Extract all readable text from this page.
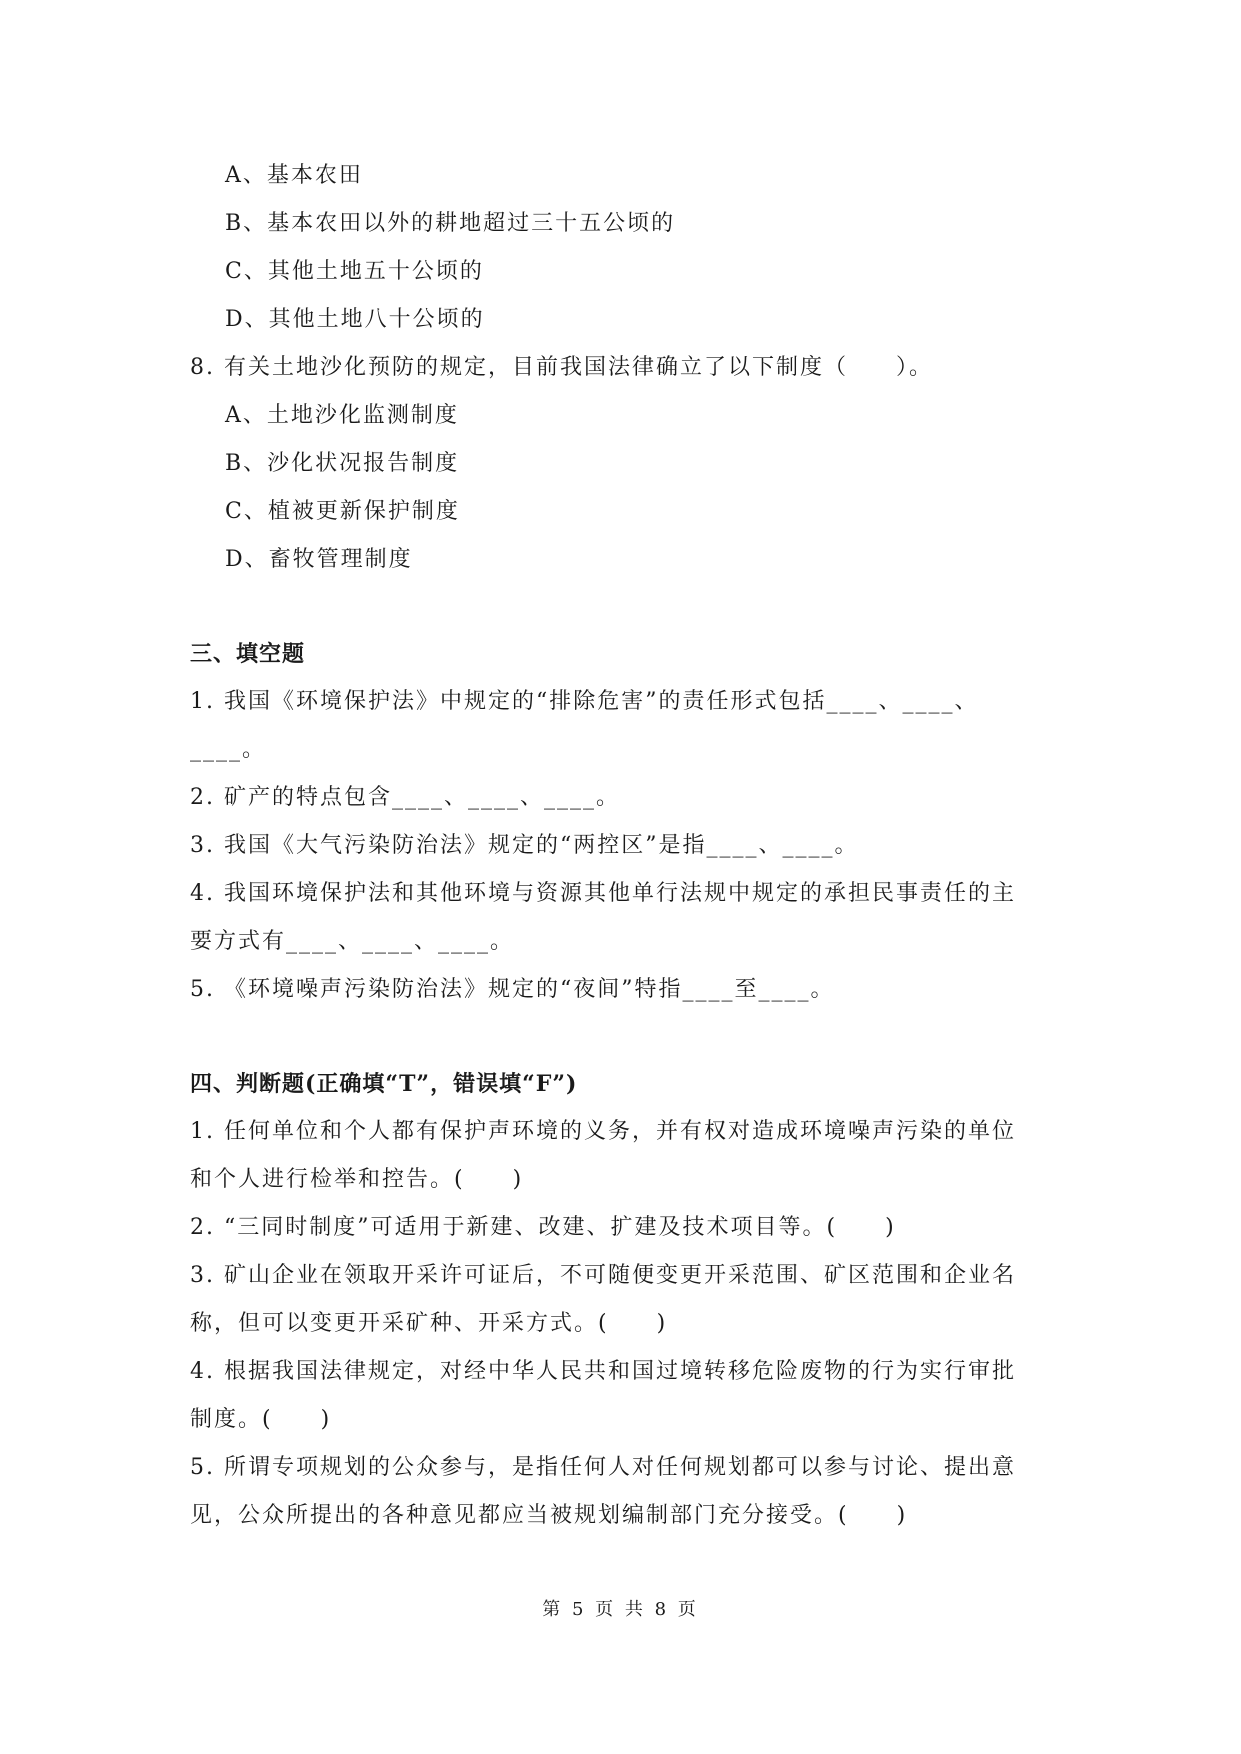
A、基本农田
B、基本农田以外的耕地超过三十五公顷的
C、其他土地五十公顷的
D、其他土地八十公顷的
8. 有关土地沙化预防的规定，目前我国法律确立了以下制度（　　）。
A、土地沙化监测制度
B、沙化状况报告制度
C、植被更新保护制度
D、畜牧管理制度
三、填空题
1. 我国《环境保护法》中规定的“排除危害”的责任形式包括____、____、
____。
2. 矿产的特点包含____、____、____。
3. 我国《大气污染防治法》规定的“两控区”是指____、____。
4. 我国环境保护法和其他环境与资源其他单行法规中规定的承担民事责任的主
要方式有____、____、____。
5. 《环境噪声污染防治法》规定的“夜间”特指____至____。
四、判断题(正确填“T”，错误填“F”)
1. 任何单位和个人都有保护声环境的义务，并有权对造成环境噪声污染的单位
和个人进行检举和控告。(　　)
2. “三同时制度”可适用于新建、改建、扩建及技术项目等。(　　)
3. 矿山企业在领取开采许可证后，不可随便变更开采范围、矿区范围和企业名
称，但可以变更开采矿种、开采方式。(　　)
4. 根据我国法律规定，对经中华人民共和国过境转移危险废物的行为实行审批
制度。(　　)
5. 所谓专项规划的公众参与，是指任何人对任何规划都可以参与讨论、提出意
见，公众所提出的各种意见都应当被规划编制部门充分接受。(　　)
第 5 页 共 8 页
